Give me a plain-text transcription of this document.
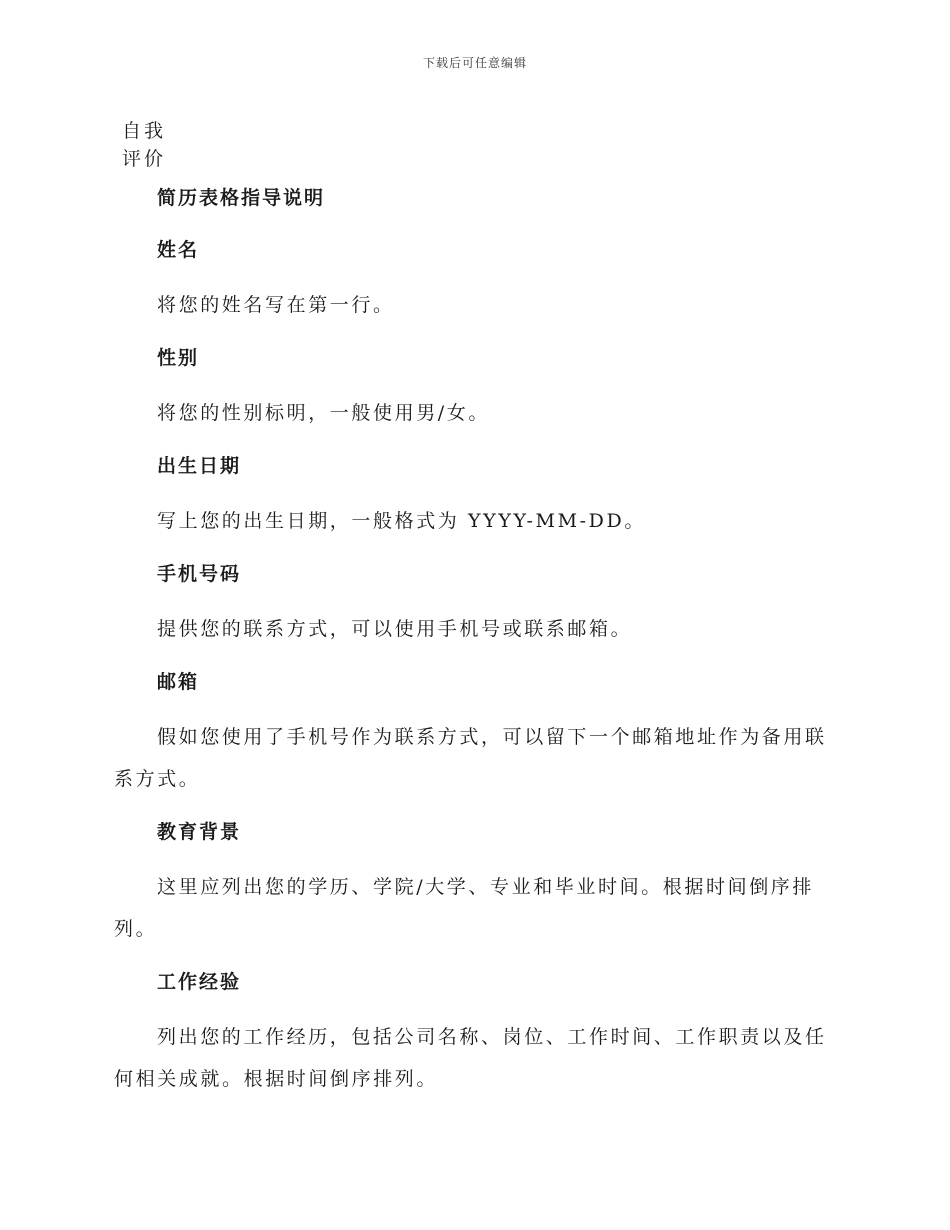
下载后可任意编辑
自我
评价
简历表格指导说明
姓名

将您的姓名写在第一行。

性别

将您的性别标明，一般使用男/女。

出生日期

写上您的出生日期，一般格式为 YYYY-MM-DD。

手机号码

提供您的联系方式，可以使用手机号或联系邮箱。

邮箱

假如您使用了手机号作为联系方式，可以留下一个邮箱地址作为备用联系方式。

教育背景

这里应列出您的学历、学院/大学、专业和毕业时间。根据时间倒序排列。

工作经验

列出您的工作经历，包括公司名称、岗位、工作时间、工作职责以及任何相关成就。根据时间倒序排列。
